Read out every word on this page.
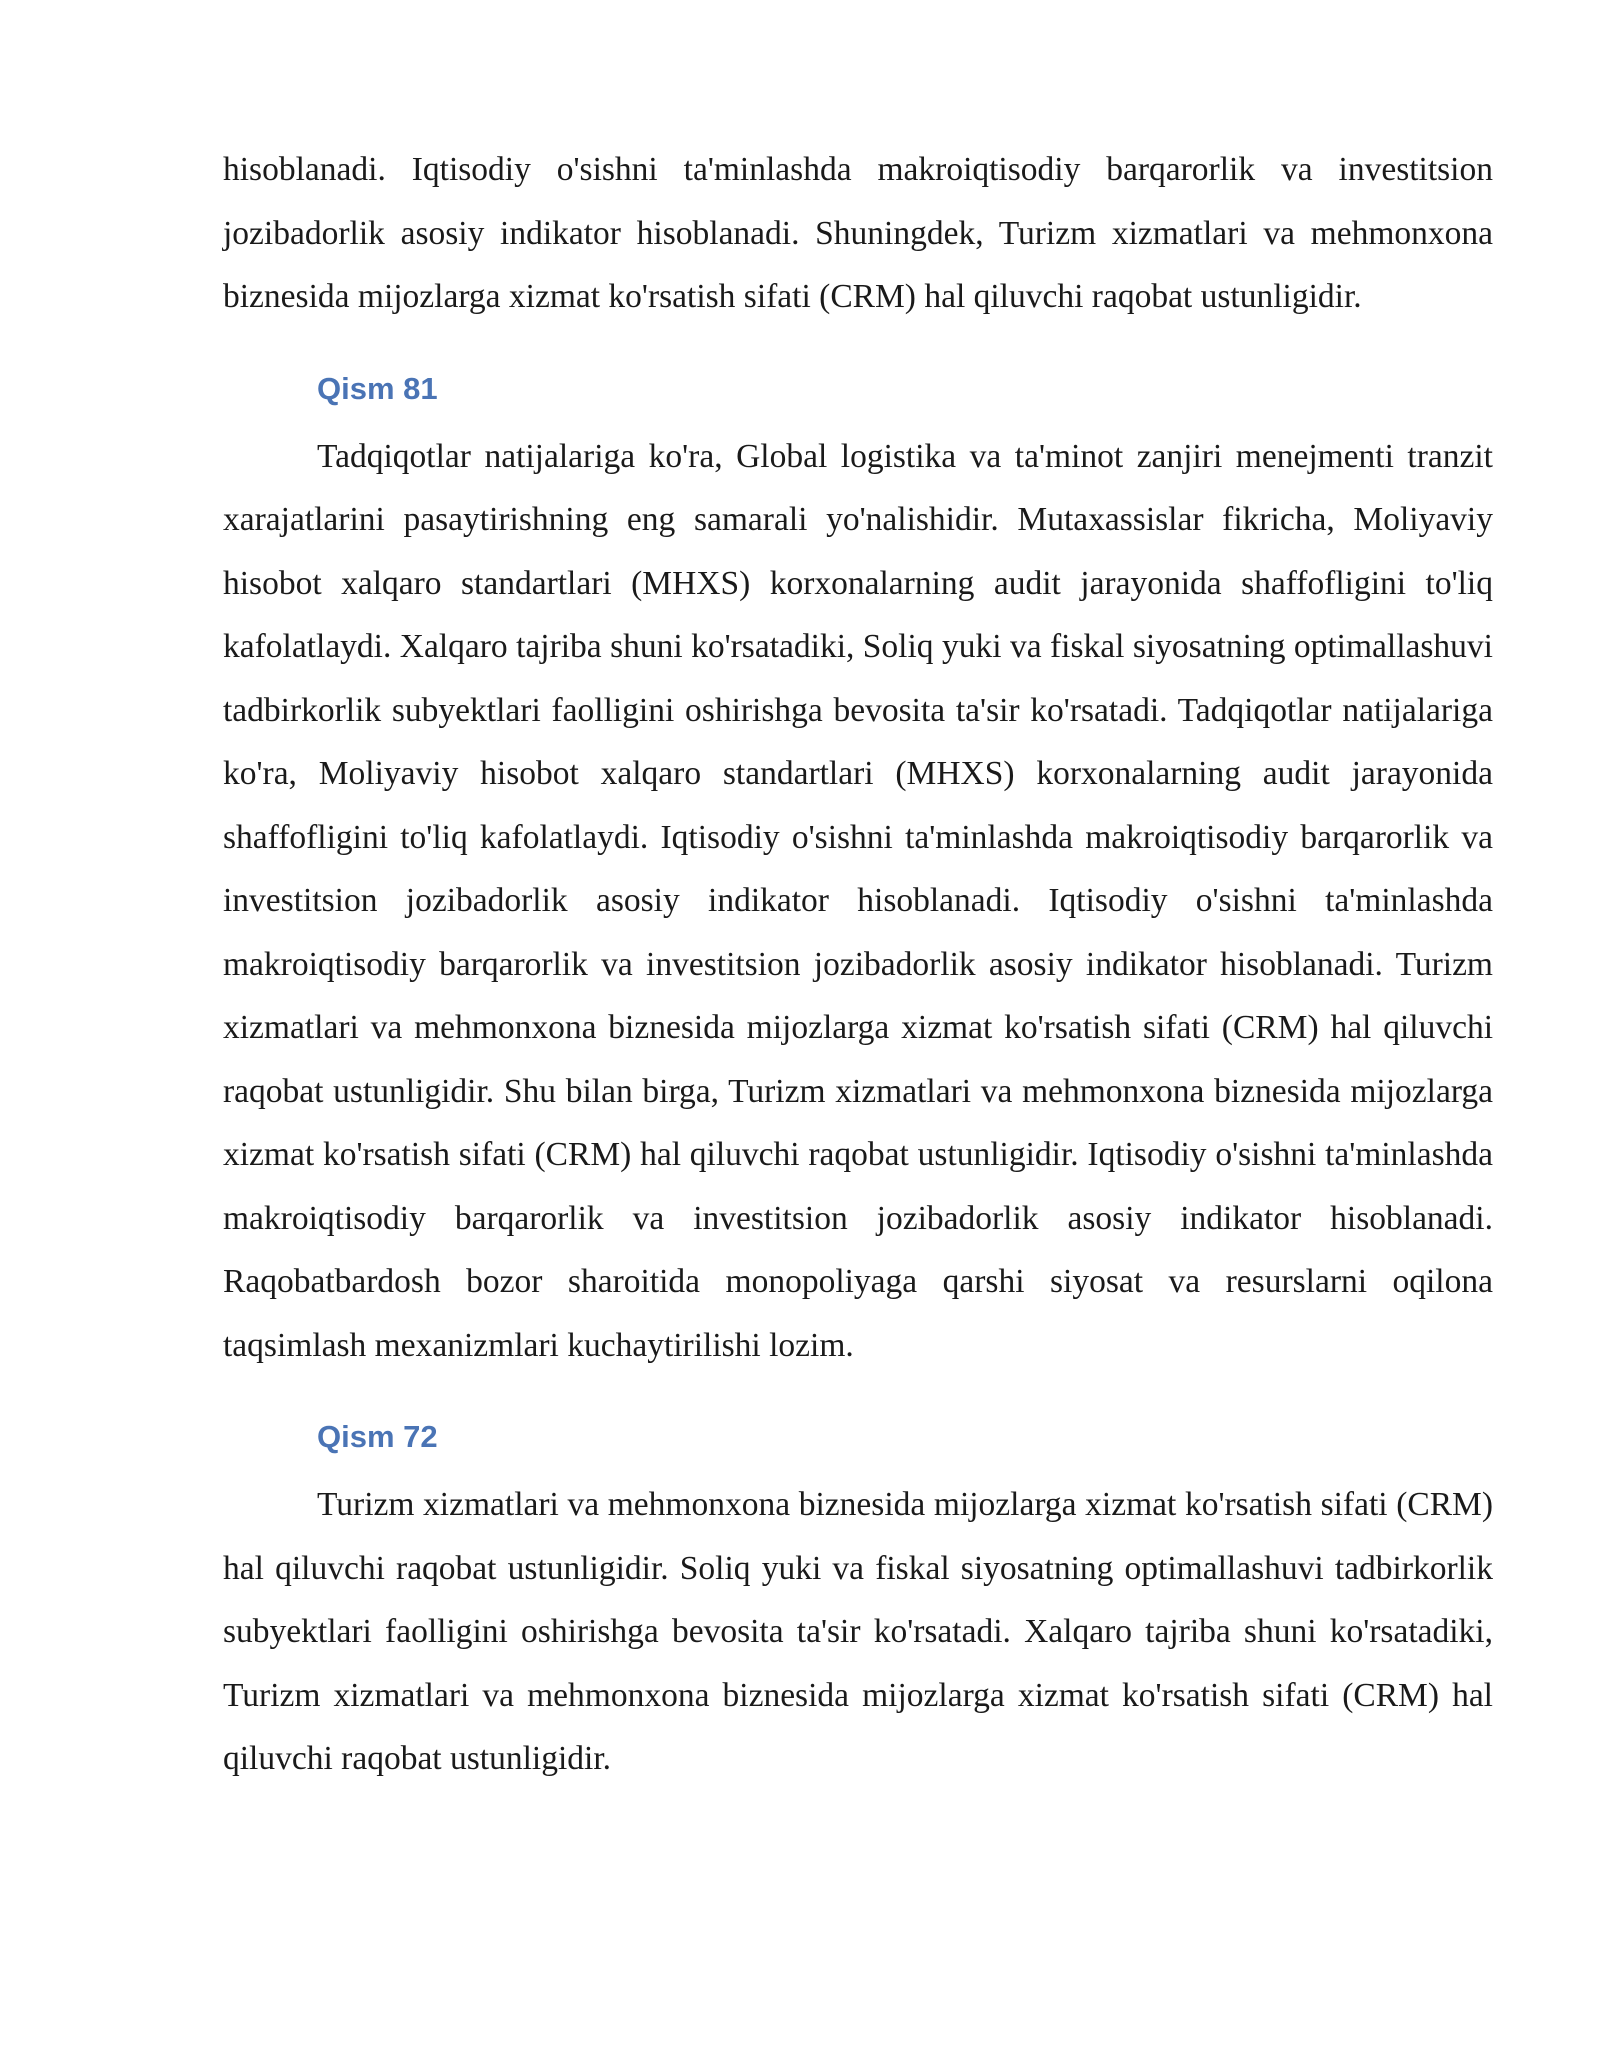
hisoblanadi. Iqtisodiy o'sishni ta'minlashda makroiqtisodiy barqarorlik va investitsion jozibadorlik asosiy indikator hisoblanadi. Shuningdek, Turizm xizmatlari va mehmonxona biznesida mijozlarga xizmat ko'rsatish sifati (CRM) hal qiluvchi raqobat ustunligidir.

Qism 81

Tadqiqotlar natijalariga ko'ra, Global logistika va ta'minot zanjiri menejmenti tranzit xarajatlarini pasaytirishning eng samarali yo'nalishidir. Mutaxassislar fikricha, Moliyaviy hisobot xalqaro standartlari (MHXS) korxonalarning audit jarayonida shaffofligini to'liq kafolatlaydi. Xalqaro tajriba shuni ko'rsatadiki, Soliq yuki va fiskal siyosatning optimallashuvi tadbirkorlik subyektlari faolligini oshirishga bevosita ta'sir ko'rsatadi. Tadqiqotlar natijalariga ko'ra, Moliyaviy hisobot xalqaro standartlari (MHXS) korxonalarning audit jarayonida shaffofligini to'liq kafolatlaydi. Iqtisodiy o'sishni ta'minlashda makroiqtisodiy barqarorlik va investitsion jozibadorlik asosiy indikator hisoblanadi. Iqtisodiy o'sishni ta'minlashda makroiqtisodiy barqarorlik va investitsion jozibadorlik asosiy indikator hisoblanadi. Turizm xizmatlari va mehmonxona biznesida mijozlarga xizmat ko'rsatish sifati (CRM) hal qiluvchi raqobat ustunligidir. Shu bilan birga, Turizm xizmatlari va mehmonxona biznesida mijozlarga xizmat ko'rsatish sifati (CRM) hal qiluvchi raqobat ustunligidir. Iqtisodiy o'sishni ta'minlashda makroiqtisodiy barqarorlik va investitsion jozibadorlik asosiy indikator hisoblanadi. Raqobatbardosh bozor sharoitida monopoliyaga qarshi siyosat va resurslarni oqilona taqsimlash mexanizmlari kuchaytirilishi lozim.

Qism 72

Turizm xizmatlari va mehmonxona biznesida mijozlarga xizmat ko'rsatish sifati (CRM) hal qiluvchi raqobat ustunligidir. Soliq yuki va fiskal siyosatning optimallashuvi tadbirkorlik subyektlari faolligini oshirishga bevosita ta'sir ko'rsatadi. Xalqaro tajriba shuni ko'rsatadiki, Turizm xizmatlari va mehmonxona biznesida mijozlarga xizmat ko'rsatish sifati (CRM) hal qiluvchi raqobat ustunligidir.
